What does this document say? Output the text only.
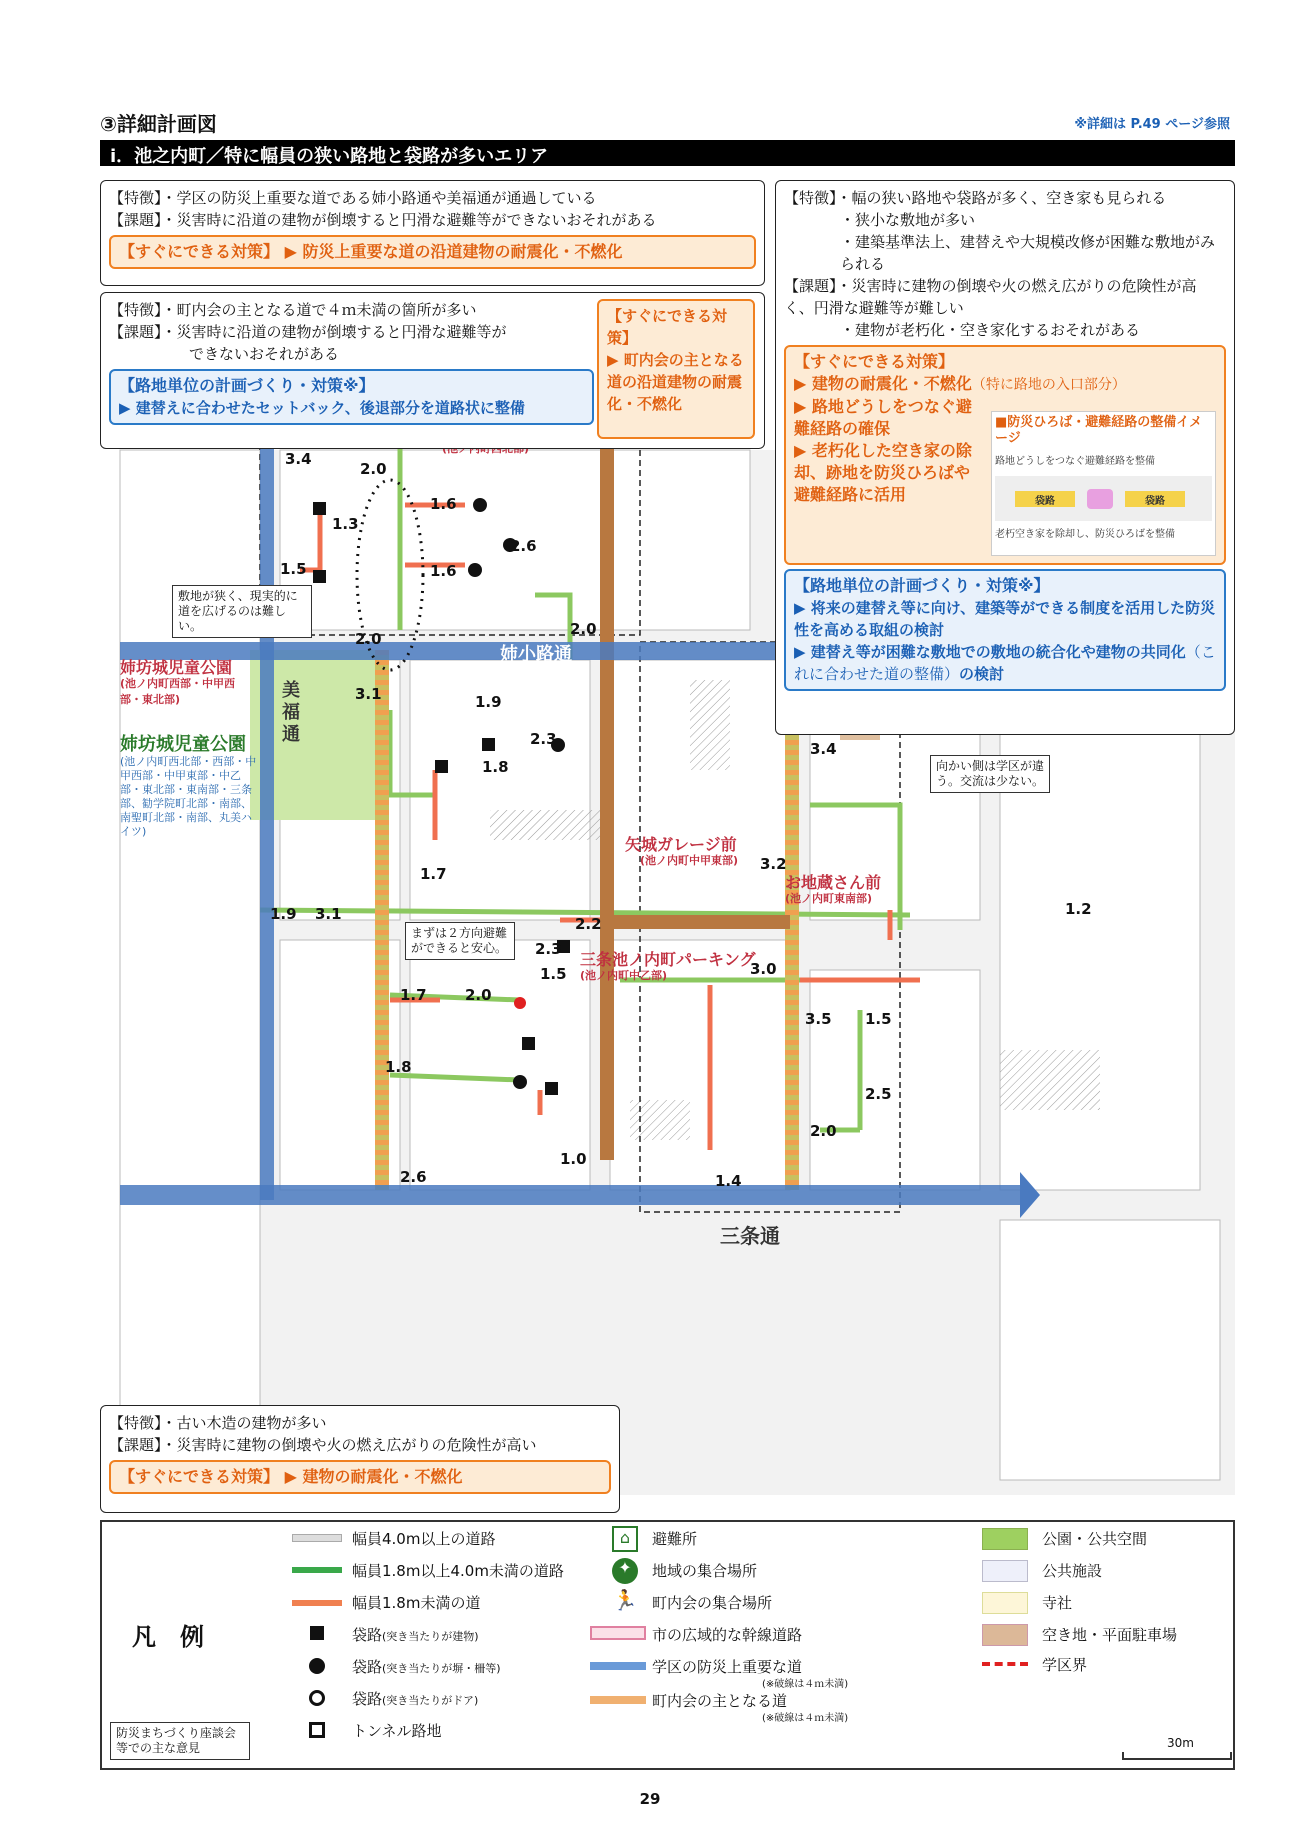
③詳細計画図	※詳細は P.49 ページ参照
ⅰ．池之内町／特に幅員の狭い路地と袋路が多いエリア
3.4
2.0
1.6
1.3
2.6
1.5	1.6
2.0
2.0
3.1	1.9
2.3
1.8
3.4
1.7
3.2
1.9 3.1
2.2
2.3
1.5	3.0
1.2
1.7	2.0
3.5 1.5
1.8
2.5
2.0
1.0
2.6	1.4
姉小路通
三条通
美福通
姉坊城児童公園
(池ノ内町西部・中甲西部・東北部)
姉坊城児童公園
(池ノ内町西北部・西部・中甲西部・中甲東部・中乙部・東北部・東南部・三条部、勧学院町北部・南部、南聖町北部・南部、丸美ハイツ)
矢城ガレージ前
(池ノ内町中甲東部)
お地蔵さん前
(池ノ内町東南部)
三条池ノ内町パーキング
(池ノ内町中乙部)
敷地が狭く、現実的に道を広げるのは難しい。
向かい側は学区が違う。交流は少ない。
まずは２方向避難ができると安心。
【特徴】・学区の防災上重要な道である姉小路通や美福通が通過している
【課題】・災害時に沿道の建物が倒壊すると円滑な避難等ができないおそれがある
【すぐにできる対策】 ▶ 防災上重要な道の沿道建物の耐震化・不燃化
【特徴】・町内会の主となる道で４ｍ未満の箇所が多い
【課題】・災害時に沿道の建物が倒壊すると円滑な避難等が
できないおそれがある
【路地単位の計画づくり・対策※】
▶ 建替えに合わせたセットバック、後退部分を道路状に整備
【すぐにできる対策】
▶ 町内会の主となる道の沿道建物の耐震化・不燃化
【特徴】・幅の狭い路地や袋路が多く、空き家も見られる
・狭小な敷地が多い
・建築基準法上、建替えや大規模改修が困難な敷地がみられる
【課題】・災害時に建物の倒壊や火の燃え広がりの危険性が高く、円滑な避難等が難しい
・建物が老朽化・空き家化するおそれがある
【すぐにできる対策】
▶ 建物の耐震化・不燃化（特に路地の入口部分）
▶ 路地どうしをつなぐ避難経路の確保
▶ 老朽化した空き家の除却、跡地を防災ひろばや避難経路に活用
■防災ひろば・避難経路の整備イメージ
路地どうしをつなぐ避難経路を整備
袋路	袋路
老朽空き家を除却し、防災ひろばを整備
【路地単位の計画づくり・対策※】
▶ 将来の建替え等に向け、建築等ができる制度を活用した防災性を高める取組の検討
▶ 建替え等が困難な敷地での敷地の統合化や建物の共同化（これに合わせた道の整備）の検討
【特徴】・古い木造の建物が多い
【課題】・災害時に建物の倒壊や火の燃え広がりの危険性が高い
【すぐにできる対策】 ▶ 建物の耐震化・不燃化
凡　例
防災まちづくり座談会等での主な意見
幅員4.0m以上の道路
幅員1.8m以上4.0m未満の道路
幅員1.8m未満の道
袋路(突き当たりが建物)
袋路(突き当たりが塀・柵等)
袋路(突き当たりがドア)
トンネル路地
⌂	避難所
✦	地域の集合場所
🏃 町内会の集合場所
市の広域的な幹線道路
学区の防災上重要な道
(※破線は４ｍ未満)
町内会の主となる道
(※破線は４ｍ未満)
公園・公共空間
公共施設
寺社
空き地・平面駐車場
学区界
30m
29
